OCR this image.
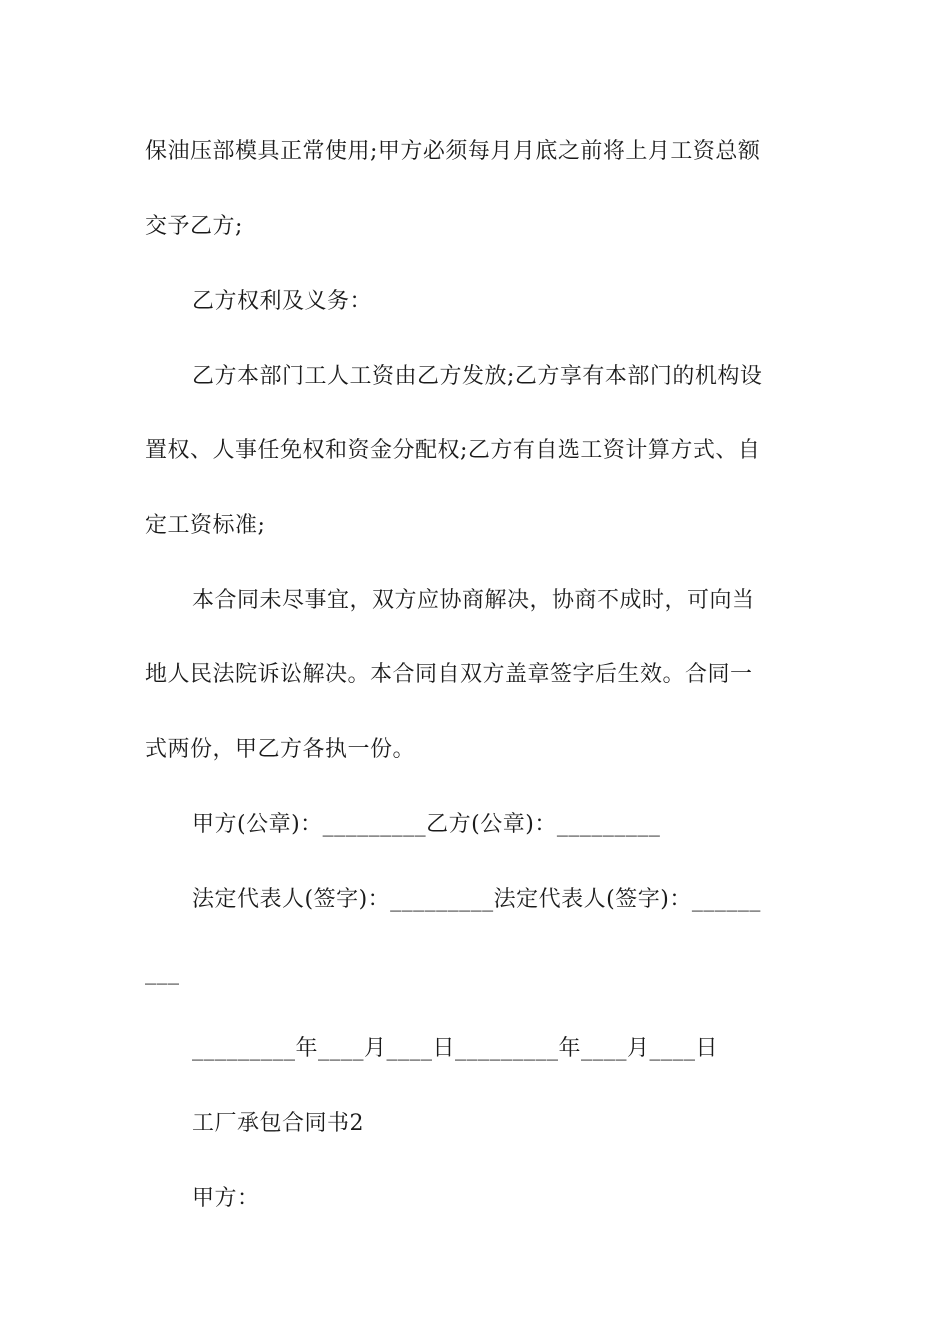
保油压部模具正常使用;甲方必须每月月底之前将上月工资总额
交予乙方;
乙方权利及义务：
乙方本部门工人工资由乙方发放;乙方享有本部门的机构设
置权、人事任免权和资金分配权;乙方有自选工资计算方式、自
定工资标准;
本合同未尽事宜，双方应协商解决，协商不成时，可向当
地人民法院诉讼解决。本合同自双方盖章签字后生效。合同一
式两份，甲乙方各执一份。
甲方(公章)：_________乙方(公章)：_________
法定代表人(签字)：_________法定代表人(签字)：______
___
_________年____月____日_________年____月____日
工厂承包合同书2
甲方：
